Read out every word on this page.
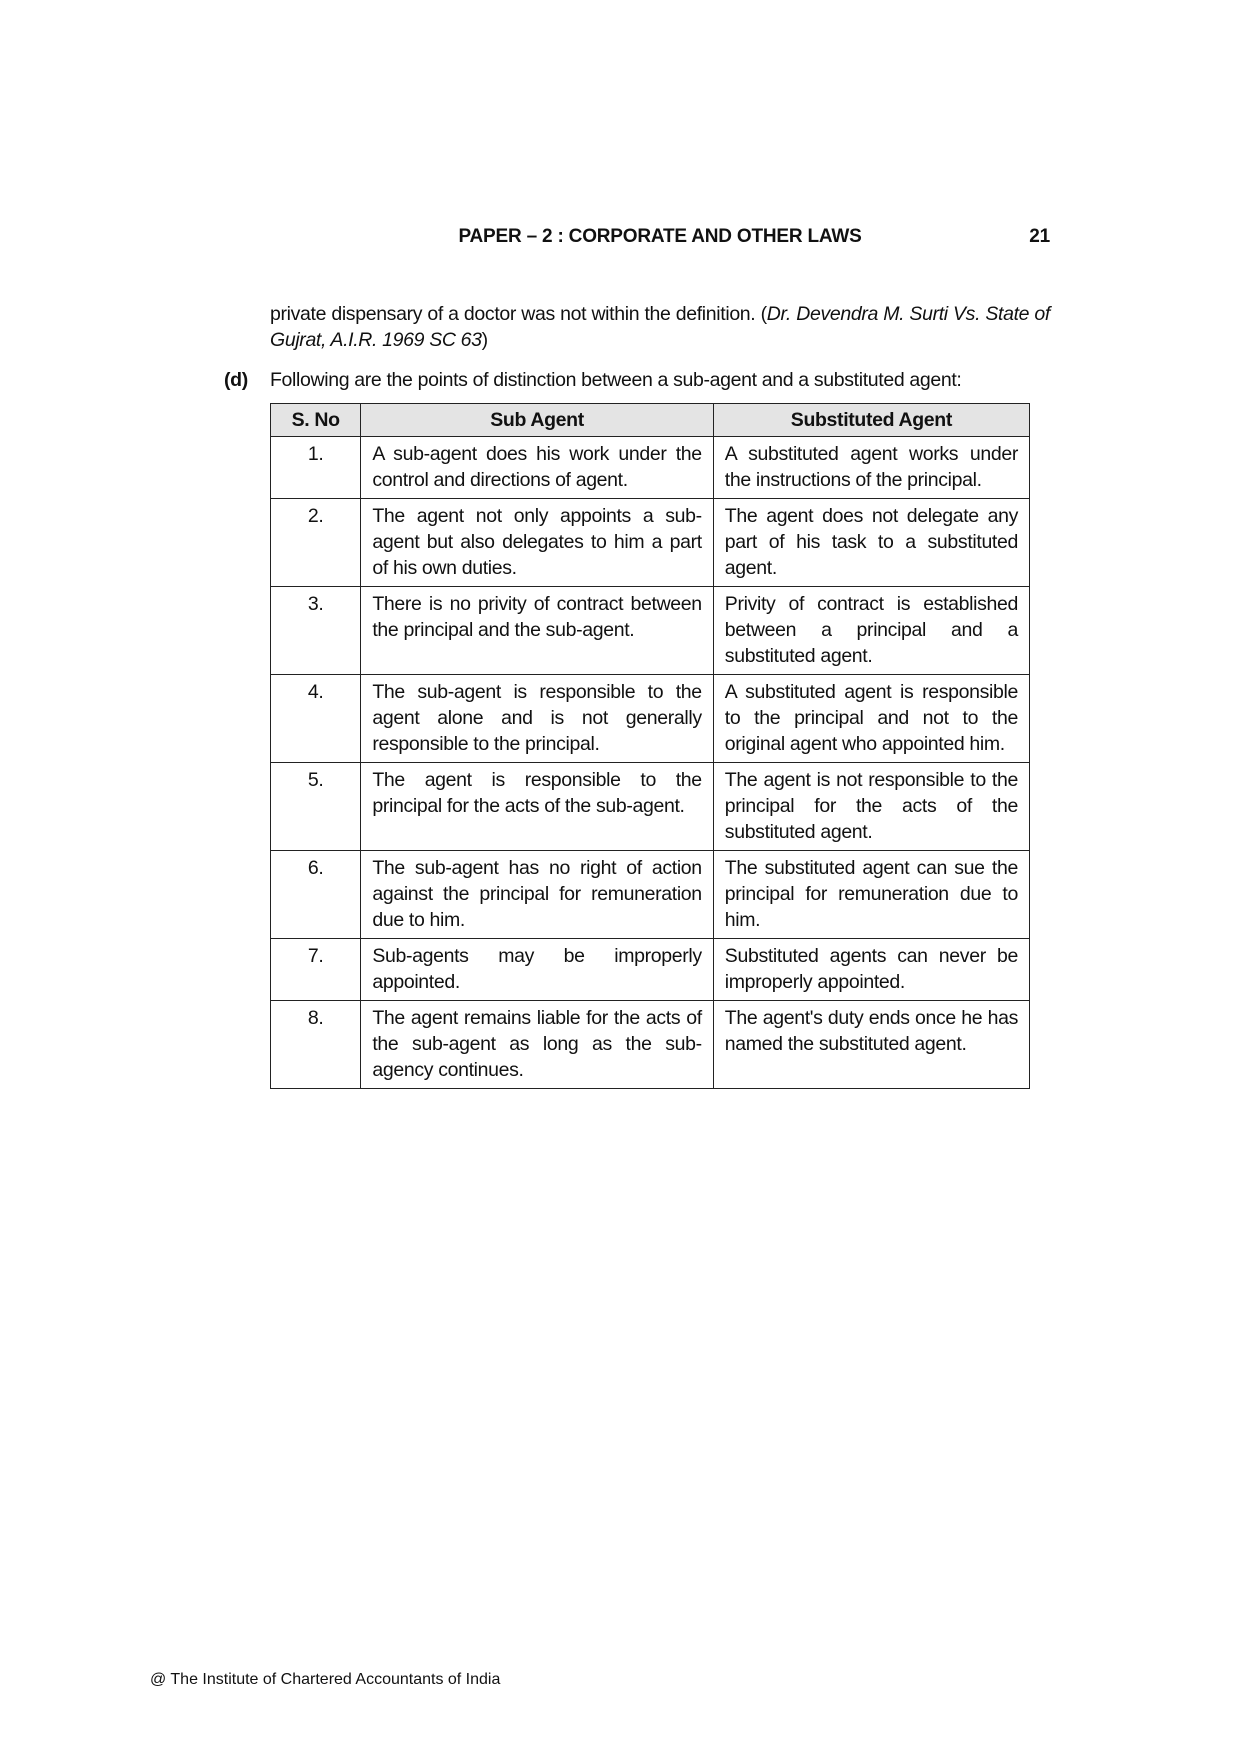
PAPER – 2 : CORPORATE AND OTHER LAWS	21
private dispensary of a doctor was not within the definition. (Dr. Devendra M. Surti Vs. State of Gujrat, A.I.R. 1969 SC 63)
(d) Following are the points of distinction between a sub-agent and a substituted agent:
S. No	Sub Agent	Substituted Agent
1.	A sub-agent does his work under the control and directions of agent.	A substituted agent works under the instructions of the principal.
2.	The agent not only appoints a sub-agent but also delegates to him a part of his own duties.	The agent does not delegate any part of his task to a substituted agent.
3.	There is no privity of contract between the principal and the sub-agent.	Privity of contract is established between a principal and a substituted agent.
4.	The sub-agent is responsible to the agent alone and is not generally responsible to the principal.	A substituted agent is responsible to the principal and not to the original agent who appointed him.
5.	The agent is responsible to the principal for the acts of the sub-agent.	The agent is not responsible to the principal for the acts of the substituted agent.
6.	The sub-agent has no right of action against the principal for remuneration due to him.	The substituted agent can sue the principal for remuneration due to him.
7.	Sub-agents may be improperly appointed.	Substituted agents can never be improperly appointed.
8.	The agent remains liable for the acts of the sub-agent as long as the sub-agency continues.	The agent's duty ends once he has named the substituted agent.
@ The Institute of Chartered Accountants of India
